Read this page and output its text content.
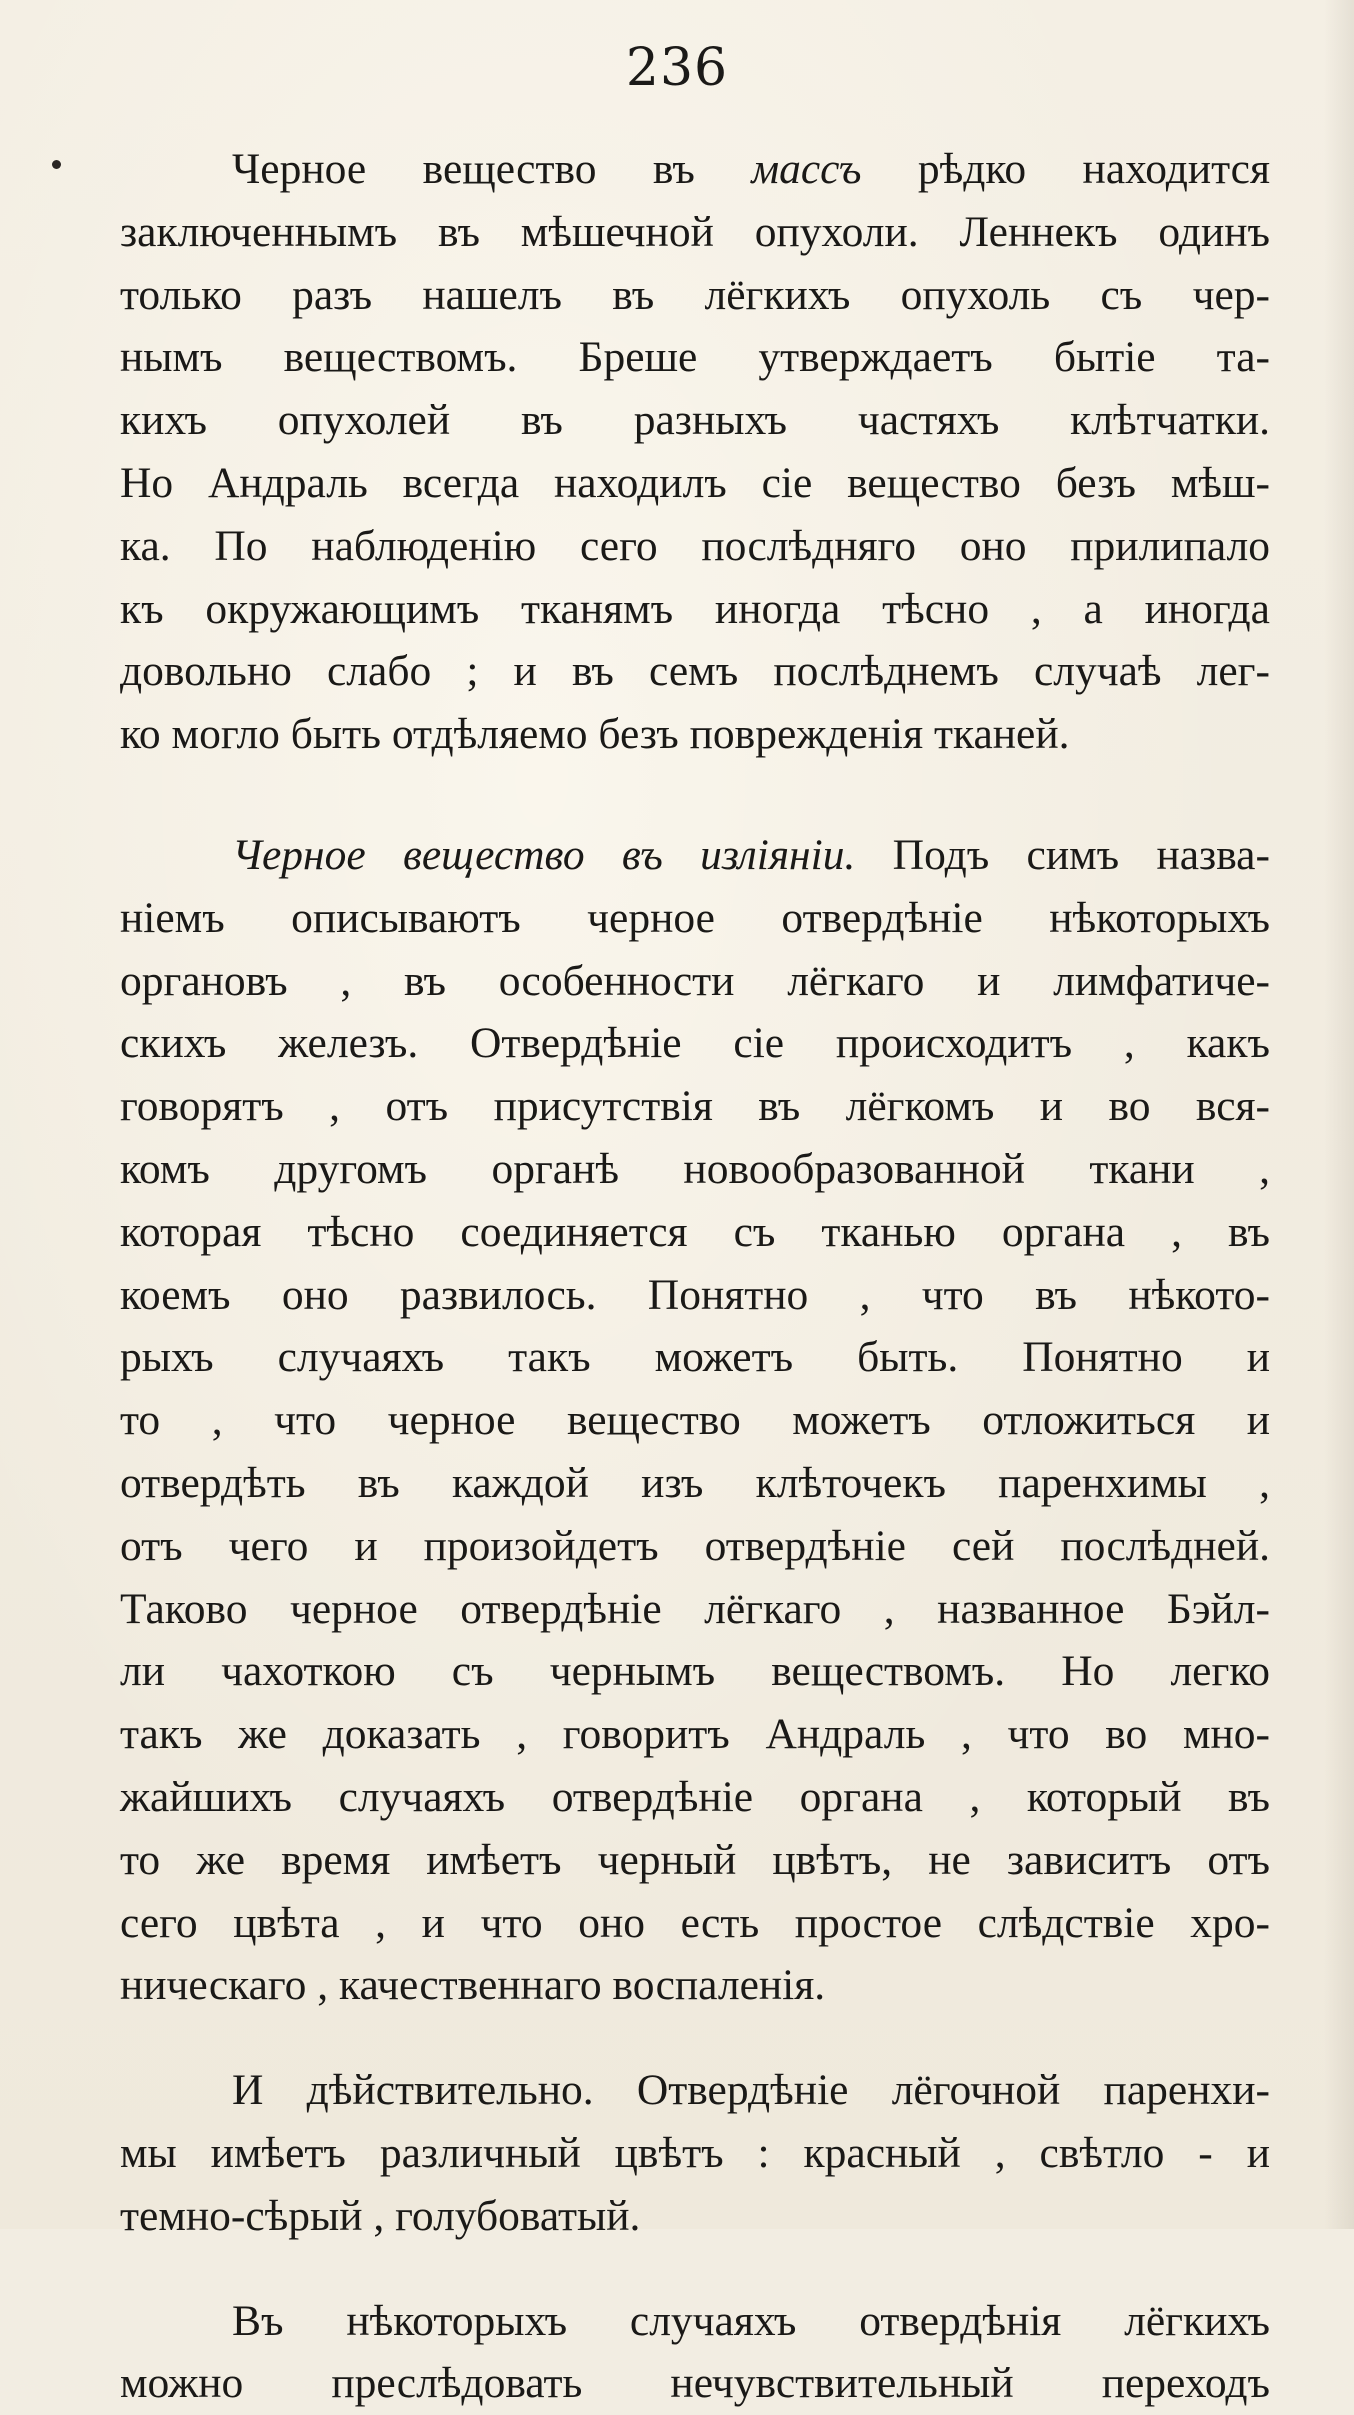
236
Черное вещество въ массъ рѣдко находится
заключеннымъ въ мѣшечной опухоли. Леннекъ одинъ
только разъ нашелъ въ лёгкихъ опухоль съ чер-
нымъ веществомъ. Бреше утверждаетъ бытіе та-
кихъ опухолей въ разныхъ частяхъ клѣтчатки.
Но Андраль всегда находилъ сіе вещество безъ мѣш-
ка. По наблюденію сего послѣдняго оно прилипало
къ окружающимъ тканямъ иногда тѣсно , а иногда
довольно слабо ; и въ семъ послѣднемъ случаѣ лег-
ко могло быть отдѣляемо безъ поврежденія тканей.
Черное вещество въ изліяніи. Подъ симъ назва-
ніемъ описываютъ черное отвердѣніе нѣкоторыхъ
органовъ , въ особенности лёгкаго и лимфатиче-
скихъ железъ. Отвердѣніе сіе происходитъ , какъ
говорятъ , отъ присутствія въ лёгкомъ и во вся-
комъ другомъ органѣ новообразованной ткани ,
которая тѣсно соединяется съ тканью органа , въ
коемъ оно развилось. Понятно , что въ нѣкото-
рыхъ случаяхъ такъ можетъ быть. Понятно и
то , что черное вещество можетъ отложиться и
отвердѣть въ каждой изъ клѣточекъ паренхимы ,
отъ чего и произойдетъ отвердѣніе сей послѣдней.
Таково черное отвердѣніе лёгкаго , названное Бэйл-
ли чахоткою съ чернымъ веществомъ. Но легко
такъ же доказать , говоритъ Андраль , что во мно-
жайшихъ случаяхъ отвердѣніе органа , который въ
то же время имѣетъ черный цвѣтъ, не зависитъ отъ
сего цвѣта , и что оно есть простое слѣдствіе хро-
ническаго , качественнаго воспаленія.
И дѣйствительно. Отвердѣніе лёгочной паренхи-
мы имѣетъ различный цвѣтъ : красный , свѣтло - и
темно-сѣрый , голубоватый.
Въ нѣкоторыхъ случаяхъ отвердѣнія лёгкихъ
можно преслѣдовать нечувствительный переходъ
